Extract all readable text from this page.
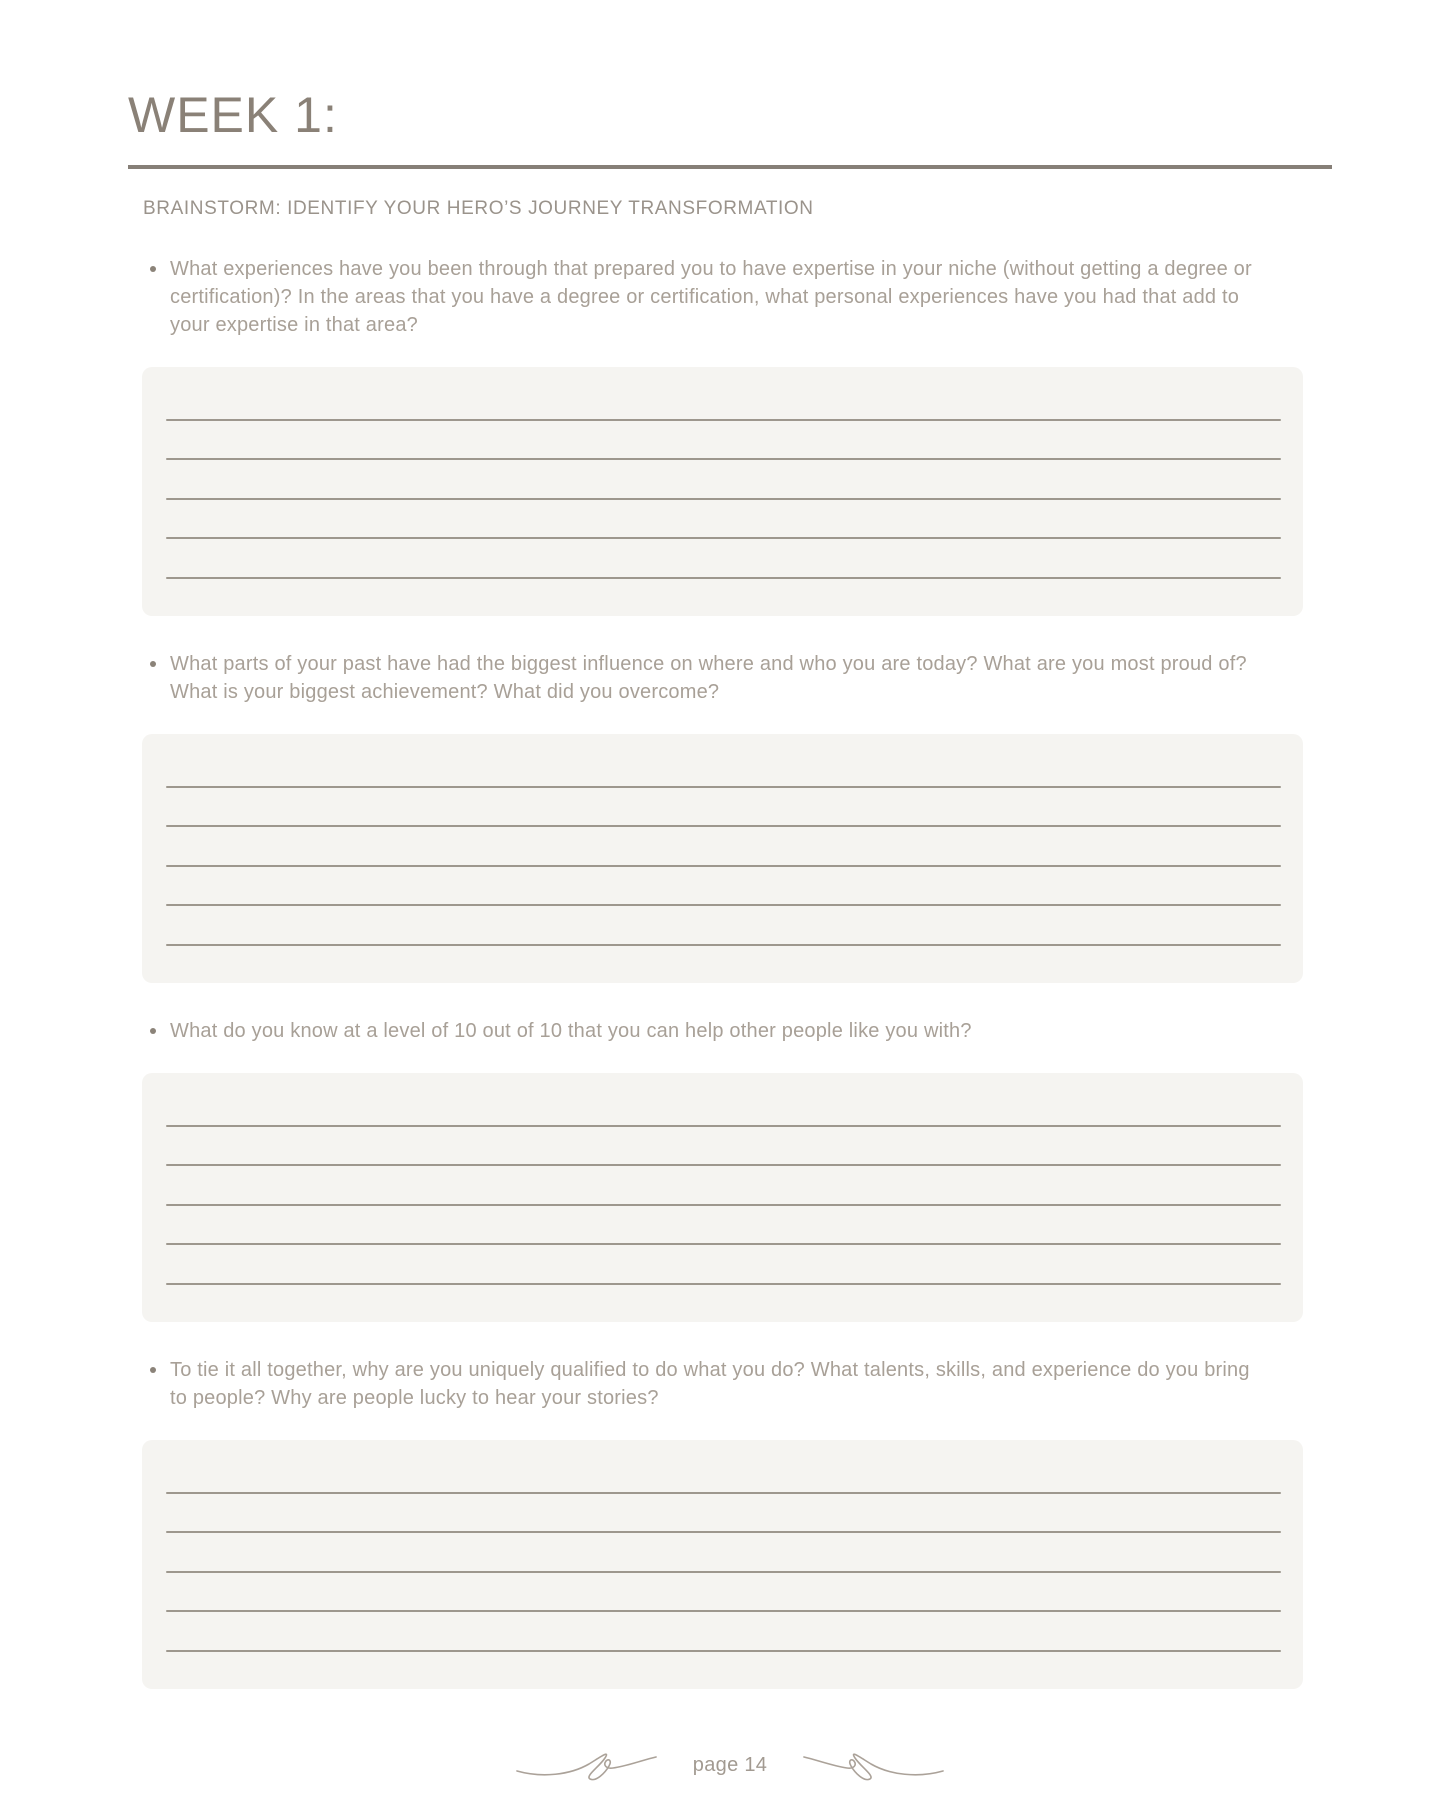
WEEK 1:
BRAINSTORM: IDENTIFY YOUR HERO’S JOURNEY TRANSFORMATION
What experiences have you been through that prepared you to have expertise in your niche (without getting a degree or certification)? In the areas that you have a degree or certification, what personal experiences have you had that add to your expertise in that area?
What parts of your past have had the biggest influence on where and who you are today? What are you most proud of? What is your biggest achievement? What did you overcome?
What do you know at a level of 10 out of 10 that you can help other people like you with?
To tie it all together, why are you uniquely qualified to do what you do? What talents, skills, and experience do you bring to people? Why are people lucky to hear your stories?
page 14
